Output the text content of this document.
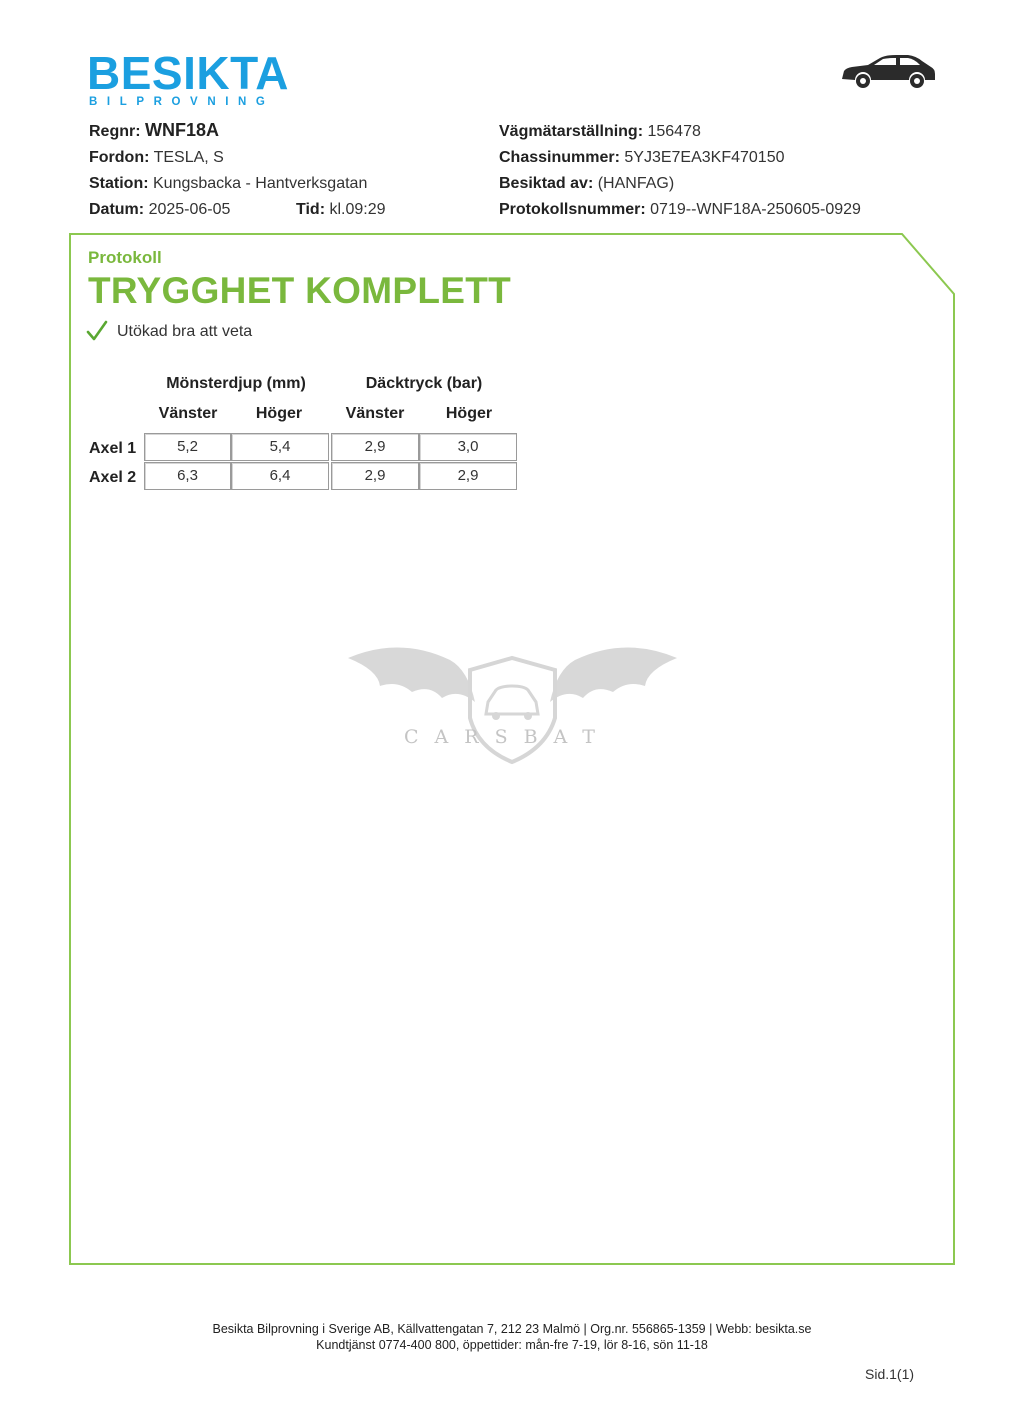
BESIKTA
BILPROVNING
Regnr: WNF18A
Fordon: TESLA, S
Station: Kungsbacka - Hantverksgatan
Datum: 2025-06-05	Tid: kl.09:29
Vägmätarställning: 156478
Chassinummer: 5YJ3E7EA3KF470150
Besiktad av: (HANFAG)
Protokollsnummer: 0719--WNF18A-250605-0929
Protokoll
TRYGGHET KOMPLETT
Utökad bra att veta
Mönsterdjup (mm)	Däcktryck (bar)
Vänster	Höger	Vänster	Höger
Axel 1	5,2	5,4	2,9	3,0
Axel 2	6,3	6,4	2,9	2,9
CARSBAT
Besikta Bilprovning i Sverige AB, Källvattengatan 7, 212 23 Malmö | Org.nr. 556865-1359 | Webb: besikta.se
Kundtjänst 0774-400 800, öppettider: mån-fre 7-19, lör 8-16, sön 11-18
Sid.1(1)
